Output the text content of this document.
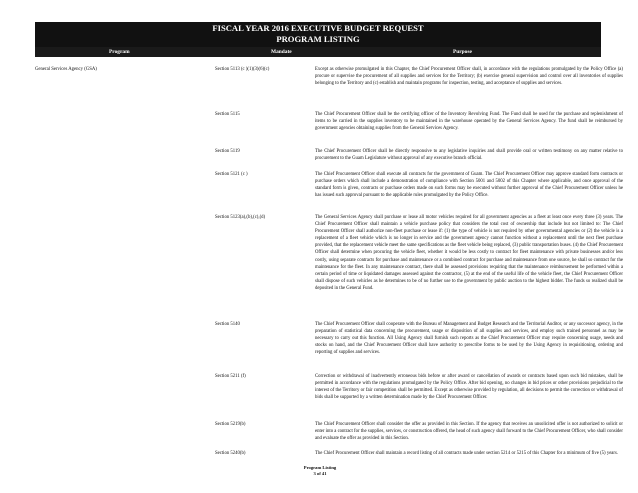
FISCAL YEAR 2016 EXECUTIVE BUDGET REQUEST
PROGRAM LISTING
Program	Mandate	Purpose
General Services Agency (GSA)	Section 5113 (c )(1)(3)(6)(c)	Except as otherwise promulgated in this Chapter, the Chief Procurement Officer shall, in accordance with the regulations promulgated by the Policy Office (a) procure or supervise the procurement of all supplies and services for the Territory; (b) exercise general supervision and control over all inventories of supplies belonging to the Territory and (c) establish and maintain programs for inspection, testing, and acceptance of supplies and services.
Section 5115	The Chief Procurement Officer shall be the certifying officer of the Inventory Revolving Fund. The Fund shall be used for the purchase and replenishment of items to be carried in the supplies inventory to be maintained in the warehouse operated by the General Services Agency. The fund shall be reimbursed by government agencies obtaining supplies from the General Services Agency.
Section 5119	The Chief Procurement Officer shall be directly responsive to any legislative inquiries and shall provide oral or written testimony on any matter relative to procurement to the Guam Legislature without approval of any executive branch official.
Section 5121 (c )	The Chief Procurement Officer shall execute all contracts for the government of Guam. The Chief Procurement Officer may approve standard form contracts or purchase orders which shall include a demonstration of compliance with Section 5001 and 5002 of this Chapter where applicable, and once approval of the standard form is given, contracts or purchase orders made on such forms may be executed without further approval of the Chief Procurement Officer unless he has issued such approval pursuant to the applicable rules promulgated by the Policy Office.
Section 5123(a),(b),(c),(d)	The General Services Agency shall purchase or lease all motor vehicles required for all government agencies as a fleet at least once every three (3) years. The Chief Procurement Officer shall maintain a vehicle purchase policy that considers the total cost of ownership that include but not limited to: The Chief Procurement Officer shall authorize non-fleet purchase or lease if: (1) the type of vehicle is not required by other governmental agencies or (2) the vehicle is a replacement of a fleet vehicle which is no longer in service and the government agency cannot function without a replacement until the next fleet purchase provided, that the replacement vehicle meet the same specifications as the fleet vehicle being replaced, (3) public transportation buses. (4) the Chief Procurement Officer shall determine when procuring the vehicle fleet, whether it would be less costly to contract for fleet maintenance with private businesses and/or less costly, using separate contracts for purchase and maintenance or a combined contract for purchase and maintenance from one source, he shall so contract for the maintenance for the fleet. In any maintenance contract, there shall be assessed provisions requiring that the maintenance reimbursement be performed within a certain period of time or liquidated damages assessed against the contractor, (5) at the end of the useful life of the vehicle fleet, the Chief Procurement Officer shall dispose of such vehicles as he determines to be of no further use to the government by public auction to the highest bidder. The funds so realized shall be deposited in the General Fund.
Section 5140	The Chief Procurement Officer shall cooperate with the Bureau of Management and Budget Research and the Territorial Auditor, or any successor agency, in the preparation of statistical data concerning the procurement, usage or disposition of all supplies and services, and employ such trained personnel as may be necessary to carry out this function. All Using Agency shall furnish such reports as the Chief Procurement Officer may require concerning usage, needs and stocks on hand, and the Chief Procurement Officer shall have authority to prescribe forms to be used by the Using Agency in requisitioning, ordering and reporting of supplies and services.
Section 5211 (f)	Correction or withdrawal of inadvertently erroneous bids before or after award or cancellation of awards or contracts based upon such bid mistakes, shall be permitted in accordance with the regulations promulgated by the Policy Office. After bid opening, no changes in bid prices or other provisions prejudicial to the interest of the Territory or fair competition shall be permitted. Except as otherwise provided by regulation, all decisions to permit the correction or withdrawal of bids shall be supported by a written determination made by the Chief Procurement Officer.
Section 5219(b)	The Chief Procurement Officer shall consider the offer as provided in this Section. If the agency that receives an unsolicited offer is not authorized to solicit or enter into a contract for the supplies, services, or construction offered, the head of such agency shall forward to the Chief Procurement Officer, who shall consider and evaluate the offer as provided in this Section.
Section 5240(b)	The Chief Procurement Officer shall maintain a record listing of all contracts made under section 5214 or 5215 of this Chapter for a minimum of five (5) years.
Program Listing
3 of 41
